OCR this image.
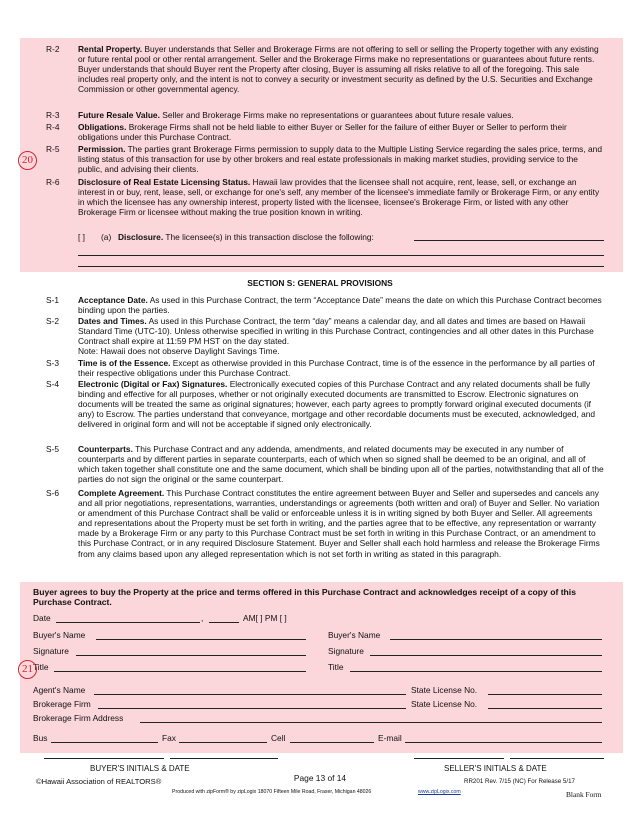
R-2 Rental Property. Buyer understands that Seller and Brokerage Firms are not offering to sell or selling the Property together with any existing or future rental pool or other rental arrangement. Seller and the Brokerage Firms make no representations or guarantees about future rents. Buyer understands that should Buyer rent the Property after closing, Buyer is assuming all risks relative to all of the foregoing. This sale includes real property only, and the intent is not to convey a security or investment security as defined by the U.S. Securities and Exchange Commission or other governmental agency.
R-3 Future Resale Value. Seller and Brokerage Firms make no representations or guarantees about future resale values.
R-4 Obligations. Brokerage Firms shall not be held liable to either Buyer or Seller for the failure of either Buyer or Seller to perform their obligations under this Purchase Contract.
R-5 Permission. The parties grant Brokerage Firms permission to supply data to the Multiple Listing Service regarding the sales price, terms, and listing status of this transaction for use by other brokers and real estate professionals in making market studies, providing service to the public, and advising their clients.
20
R-6 Disclosure of Real Estate Licensing Status. Hawaii law provides that the licensee shall not acquire, rent, lease, sell, or exchange an interest in or buy, rent, lease, sell, or exchange for one's self, any member of the licensee's immediate family or Brokerage Firm, or any entity in which the licensee has any ownership interest, property listed with the licensee, licensee's Brokerage Firm, or listed with any other Brokerage Firm or licensee without making the true position known in writing.
[ ] (a) Disclosure. The licensee(s) in this transaction disclose the following:
SECTION S: GENERAL PROVISIONS
S-1 Acceptance Date. As used in this Purchase Contract, the term “Acceptance Date” means the date on which this Purchase Contract becomes binding upon the parties.
S-2 Dates and Times. As used in this Purchase Contract, the term “day” means a calendar day, and all dates and times are based on Hawaii Standard Time (UTC-10). Unless otherwise specified in writing in this Purchase Contract, contingencies and all other dates in this Purchase Contract shall expire at 11:59 PM HST on the day stated.
Note: Hawaii does not observe Daylight Savings Time.
S-3 Time is of the Essence. Except as otherwise provided in this Purchase Contract, time is of the essence in the performance by all parties of their respective obligations under this Purchase Contract.
S-4 Electronic (Digital or Fax) Signatures. Electronically executed copies of this Purchase Contract and any related documents shall be fully binding and effective for all purposes, whether or not originally executed documents are transmitted to Escrow. Electronic signatures on documents will be treated the same as original signatures; however, each party agrees to promptly forward original executed documents (if any) to Escrow. The parties understand that conveyance, mortgage and other recordable documents must be executed, acknowledged, and delivered in original form and will not be acceptable if signed only electronically.
S-5 Counterparts. This Purchase Contract and any addenda, amendments, and related documents may be executed in any number of counterparts and by different parties in separate counterparts, each of which when so signed shall be deemed to be an original, and all of which taken together shall constitute one and the same document, which shall be binding upon all of the parties, notwithstanding that all of the parties do not sign the original or the same counterpart.
S-6 Complete Agreement. This Purchase Contract constitutes the entire agreement between Buyer and Seller and supersedes and cancels any and all prior negotiations, representations, warranties, understandings or agreements (both written and oral) of Buyer and Seller. No variation or amendment of this Purchase Contract shall be valid or enforceable unless it is in writing signed by both Buyer and Seller. All agreements and representations about the Property must be set forth in writing, and the parties agree that to be effective, any representation or warranty made by a Brokerage Firm or any party to this Purchase Contract must be set forth in writing in this Purchase Contract, or an amendment to this Purchase Contract, or in any required Disclosure Statement. Buyer and Seller shall each hold harmless and release the Brokerage Firms from any claims based upon any alleged representation which is not set forth in writing as stated in this paragraph.
Buyer agrees to buy the Property at the price and terms offered in this Purchase Contract and acknowledges receipt of a copy of this Purchase Contract.
Date	,	AM[ ] PM [ ]
Buyer's Name	Buyer's Name
Signature	Signature
Title	Title
21
Agent's Name	State License No.
Brokerage Firm	State License No.
Brokerage Firm Address
Bus	Fax	Cell	E-mail
BUYER'S INITIALS & DATE	SELLER'S INITIALS & DATE
©Hawaii Association of REALTORS®	Page 13 of 14	RR201 Rev. 7/15 (NC) For Release 5/17
Produced with zipForm® by zipLogix 18070 Fifteen Mile Road, Fraser, Michigan 48026	www.zipLogix.com	Blank Form
